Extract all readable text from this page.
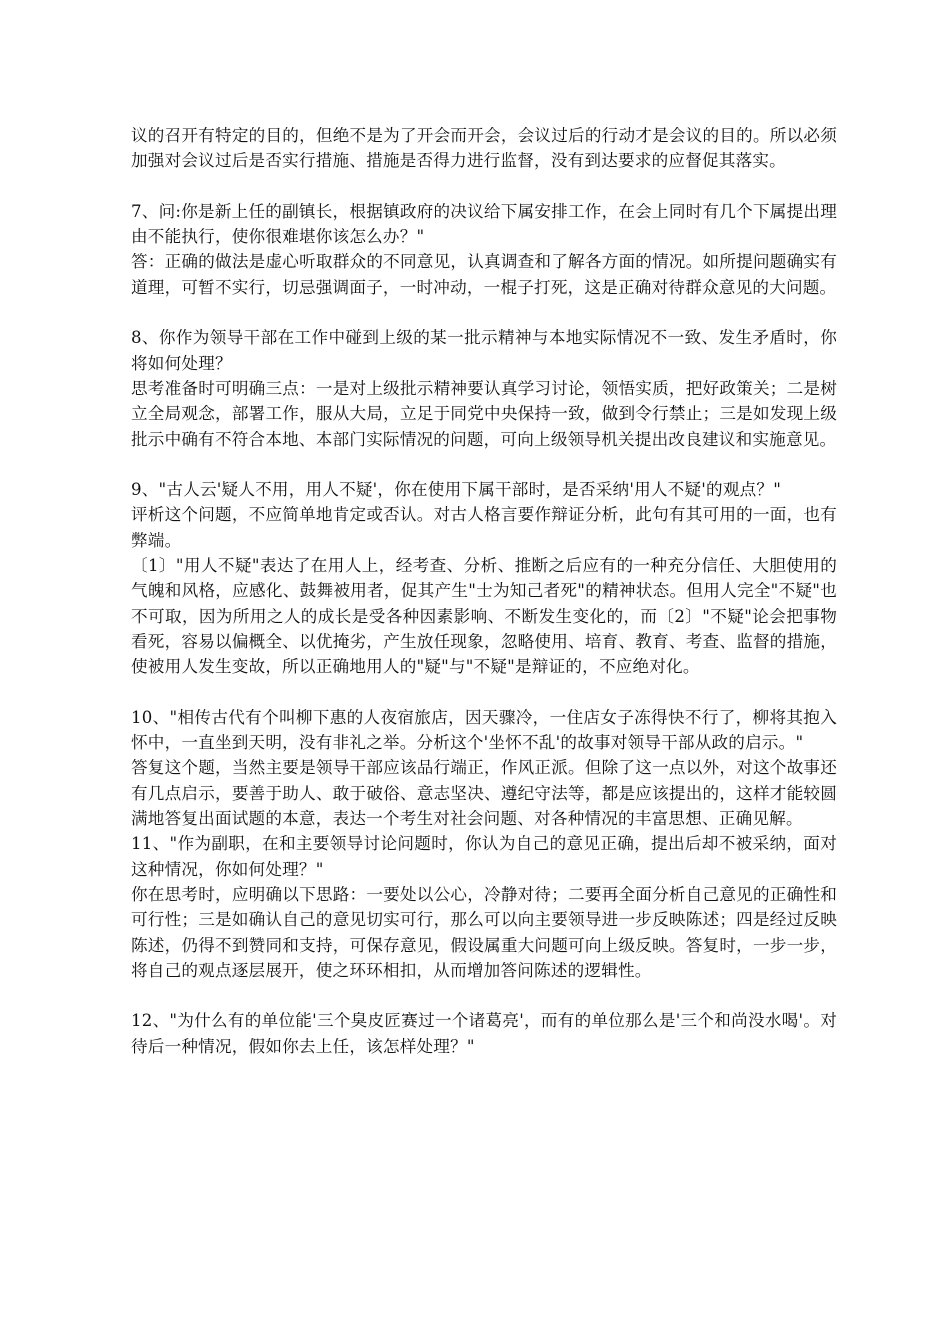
议的召开有特定的目的，但绝不是为了开会而开会，会议过后的行动才是会议的目的。所以必须加强对会议过后是否实行措施、措施是否得力进行监督，没有到达要求的应督促其落实。

7、问:你是新上任的副镇长，根据镇政府的决议给下属安排工作，在会上同时有几个下属提出理由不能执行，使你很难堪你该怎么办？"

答：正确的做法是虚心听取群众的不同意见，认真调查和了解各方面的情况。如所提问题确实有道理，可暂不实行，切忌强调面子，一时冲动，一棍子打死，这是正确对待群众意见的大问题。

8、你作为领导干部在工作中碰到上级的某一批示精神与本地实际情况不一致、发生矛盾时，你将如何处理？

思考准备时可明确三点：一是对上级批示精神要认真学习讨论，领悟实质，把好政策关；二是树立全局观念，部署工作，服从大局，立足于同党中央保持一致，做到令行禁止；三是如发现上级批示中确有不符合本地、本部门实际情况的问题，可向上级领导机关提出改良建议和实施意见。

9、"古人云'疑人不用，用人不疑'，你在使用下属干部时，是否采纳'用人不疑'的观点？"

评析这个问题，不应简单地肯定或否认。对古人格言要作辩证分析，此句有其可用的一面，也有弊端。

〔1〕"用人不疑"表达了在用人上，经考查、分析、推断之后应有的一种充分信任、大胆使用的气魄和风格，应感化、鼓舞被用者，促其产生"士为知己者死"的精神状态。但用人完全"不疑"也不可取，因为所用之人的成长是受各种因素影响、不断发生变化的，而〔2〕"不疑"论会把事物看死，容易以偏概全、以优掩劣，产生放任现象，忽略使用、培育、教育、考查、监督的措施，使被用人发生变故，所以正确地用人的"疑"与"不疑"是辩证的，不应绝对化。

10、"相传古代有个叫柳下惠的人夜宿旅店，因天骤冷，一住店女子冻得快不行了，柳将其抱入怀中，一直坐到天明，没有非礼之举。分析这个'坐怀不乱'的故事对领导干部从政的启示。"

答复这个题，当然主要是领导干部应该品行端正，作风正派。但除了这一点以外，对这个故事还有几点启示，要善于助人、敢于破俗、意志坚决、遵纪守法等，都是应该提出的，这样才能较圆满地答复出面试题的本意，表达一个考生对社会问题、对各种情况的丰富思想、正确见解。

11、"作为副职，在和主要领导讨论问题时，你认为自己的意见正确，提出后却不被采纳，面对这种情况，你如何处理？"

你在思考时，应明确以下思路：一要处以公心，冷静对待；二要再全面分析自己意见的正确性和可行性；三是如确认自己的意见切实可行，那么可以向主要领导进一步反映陈述；四是经过反映陈述，仍得不到赞同和支持，可保存意见，假设属重大问题可向上级反映。答复时，一步一步，将自己的观点逐层展开，使之环环相扣，从而增加答问陈述的逻辑性。

12、"为什么有的单位能'三个臭皮匠赛过一个诸葛亮'，而有的单位那么是'三个和尚没水喝'。对待后一种情况，假如你去上任，该怎样处理？"
